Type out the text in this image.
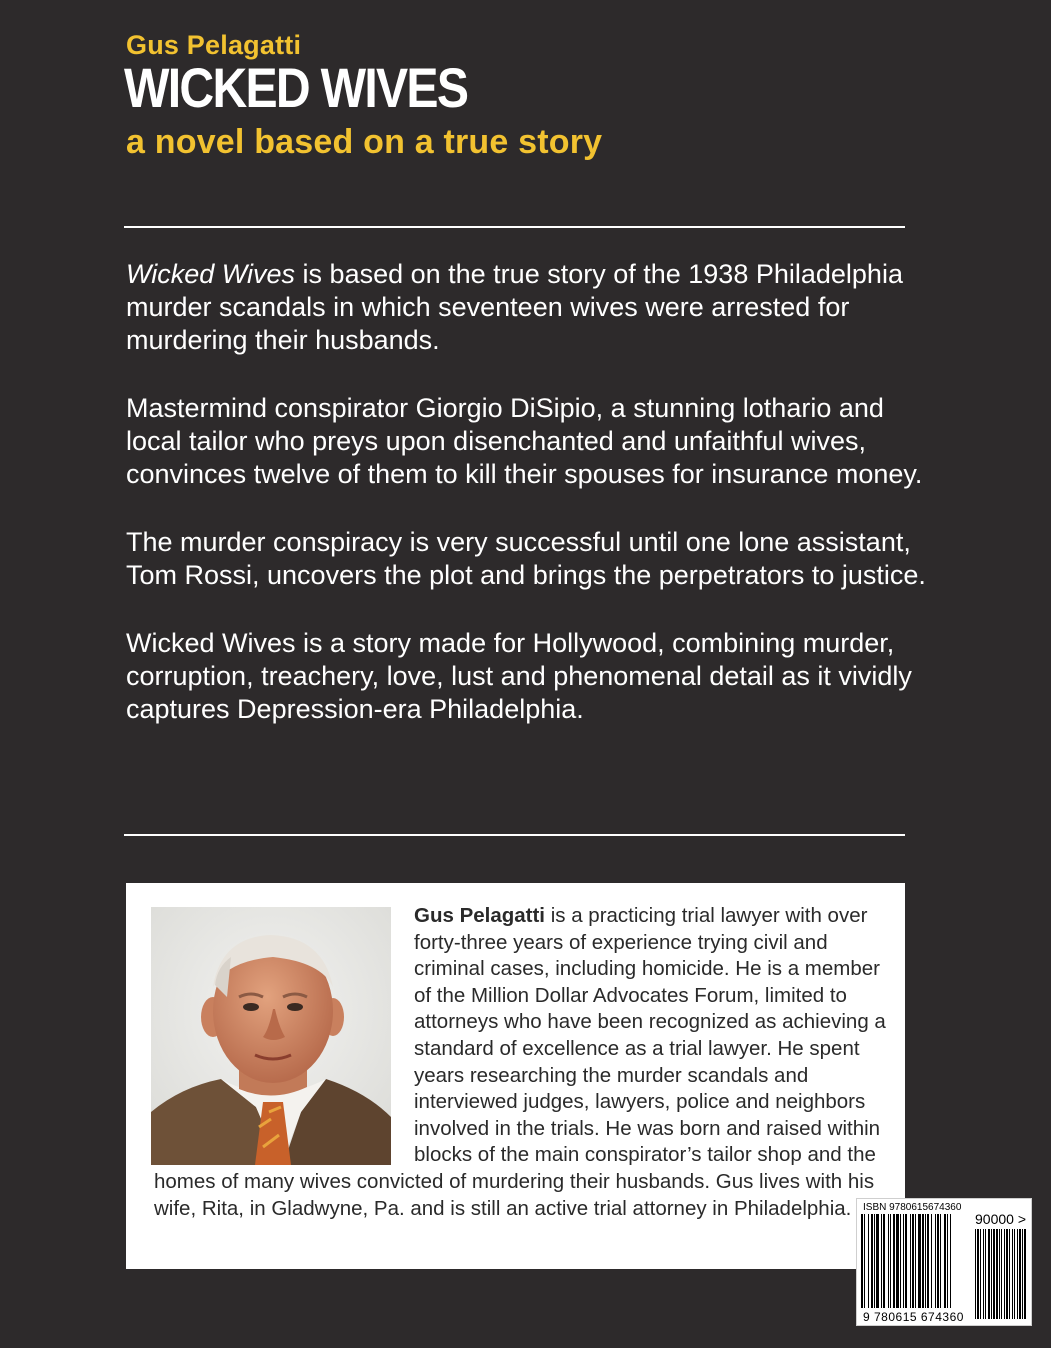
Gus Pelagatti
WICKED WIVES
a novel based on a true story

Wicked Wives is based on the true story of the 1938 Philadelphia murder scandals in which seventeen wives were arrested for murdering their husbands.

Mastermind conspirator Giorgio DiSipio, a stunning lothario and local tailor who preys upon disenchanted and unfaithful wives, convinces twelve of them to kill their spouses for insurance money.

The murder conspiracy is very successful until one lone assistant, Tom Rossi, uncovers the plot and brings the perpetrators to justice.

Wicked Wives is a story made for Hollywood, combining murder, corruption, treachery, love, lust and phenomenal detail as it vividly captures Depression-era Philadelphia.

Gus Pelagatti is a practicing trial lawyer with over forty-three years of experience trying civil and criminal cases, including homicide. He is a member of the Million Dollar Advocates Forum, limited to attorneys who have been recognized as achieving a standard of excellence as a trial lawyer. He spent years researching the murder scandals and interviewed judges, lawyers, police and neighbors involved in the trials. He was born and raised within blocks of the main conspirator’s tailor shop and the homes of many wives convicted of murdering their husbands. Gus lives with his wife, Rita, in Gladwyne, Pa. and is still an active trial attorney in Philadelphia.	ISBN 9780615674360
90000 >
9 780615 674360
